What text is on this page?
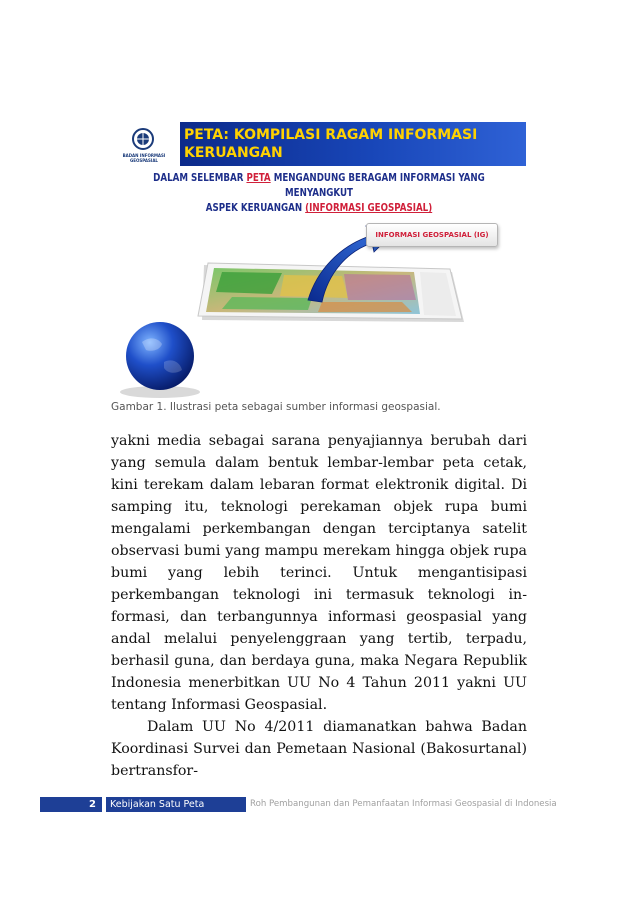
BADAN INFORMASI GEOSPASIAL
PETA: KOMPILASI RAGAM INFORMASI KERUANGAN
DALAM SELEMBAR PETA MENGANDUNG BERAGAM INFORMASI YANG MENYANGKUT
ASPEK KERUANGAN (INFORMASI GEOSPASIAL)
INFORMASI GEOSPASIAL (IG)
Gambar 1. Ilustrasi peta sebagai sumber informasi geospasial.

yakni media sebagai sarana penyajiannya berubah dari yang semula dalam bentuk lembar-lembar peta cetak, kini terekam dalam lebaran format elektronik digital. Di samping itu, teknologi perekaman objek rupa bumi mengalami perkembangan dengan terciptanya satelit observasi bumi yang mampu merekam hingga objek rupa bumi yang lebih terinci. Untuk mengantisipasi perkembangan teknologi ini termasuk teknologi informasi, dan terbangunnya informasi geospasial yang andal melalui penyelenggraan yang tertib, terpadu, berhasil guna, dan berdaya guna, maka Negara Republik Indonesia menerbitkan UU No 4 Tahun 2011 yakni UU tentang Informasi Geospasial.

Dalam UU No 4/2011 diamanatkan bahwa Badan Koordinasi Survei dan Pemetaan Nasional (Bakosurtanal) bertransfor-

2	Kebijakan Satu Peta	Roh Pembangunan dan Pemanfaatan Informasi Geospasial di Indonesia
